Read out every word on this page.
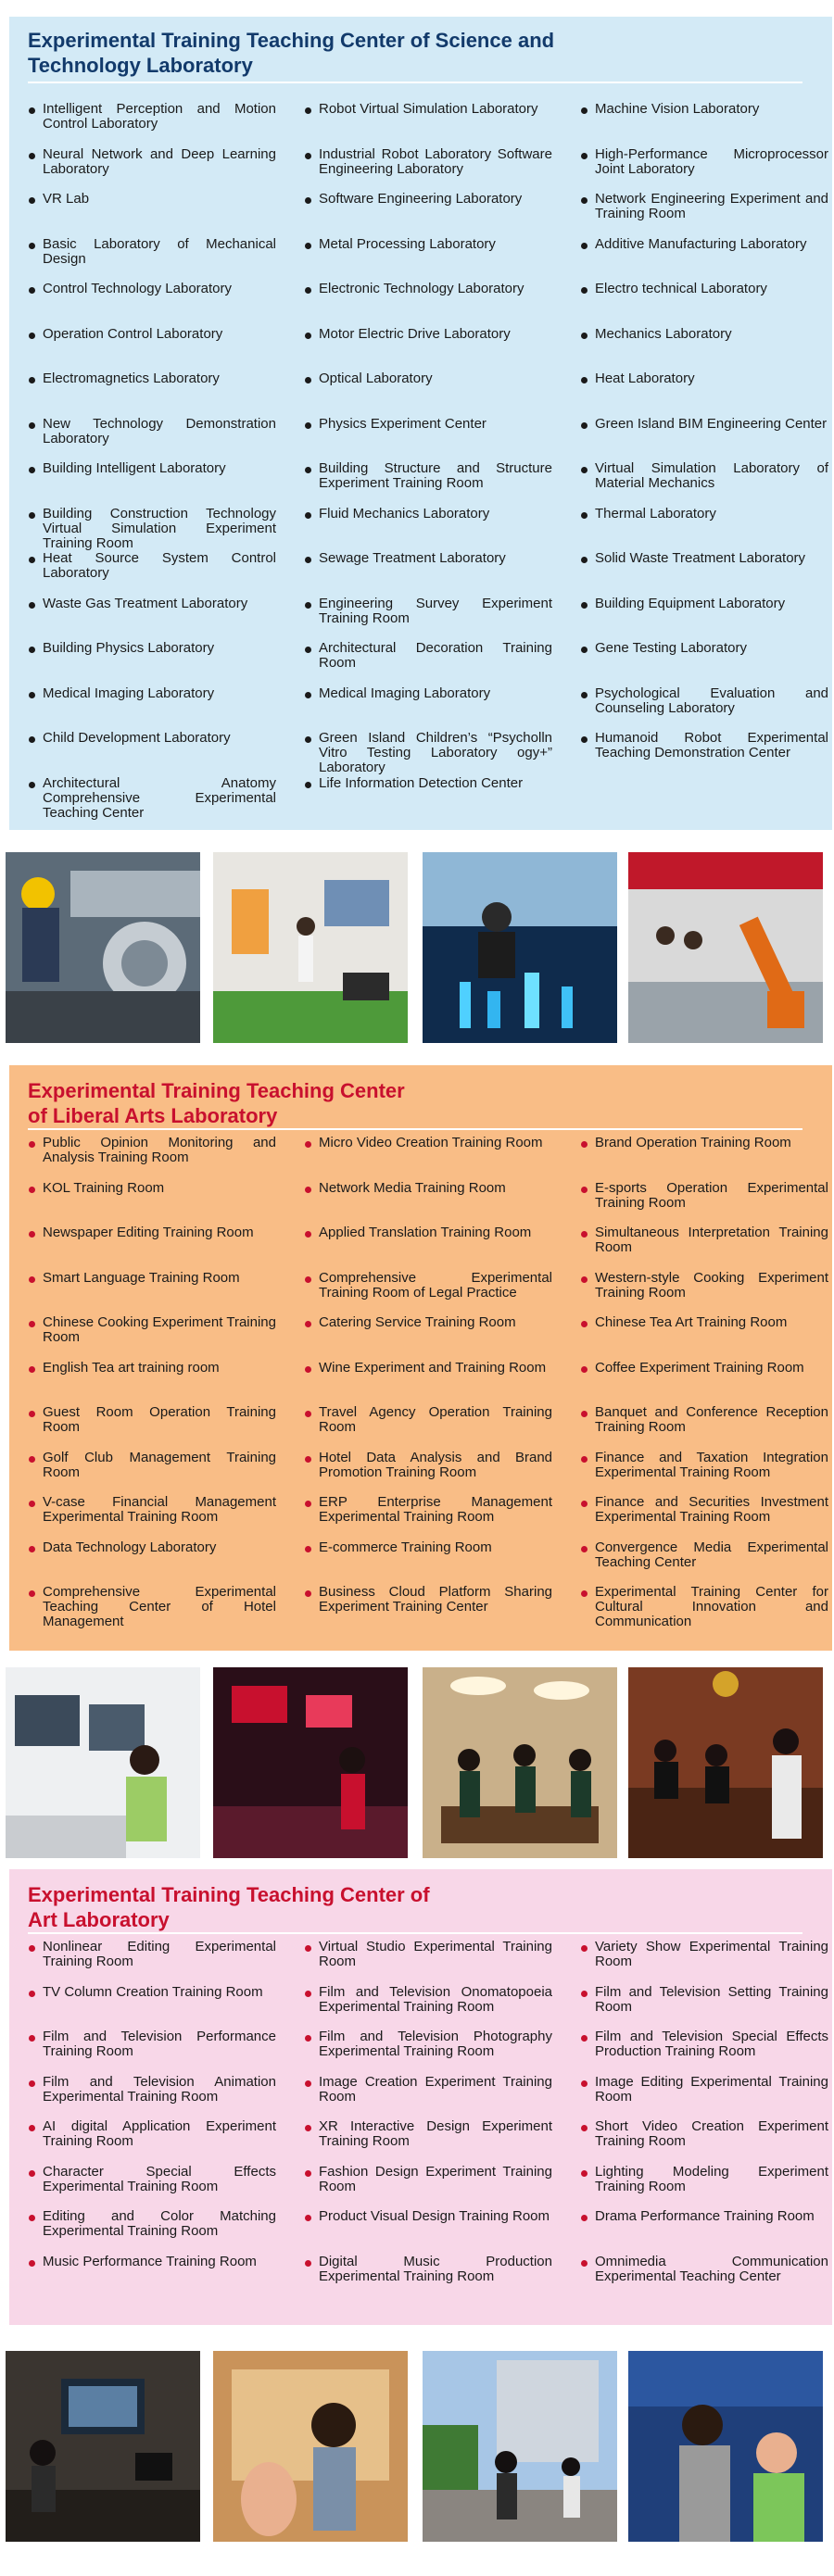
Experimental Training Teaching Center of Science and
Technology Laboratory
Intelligent Perception and Motion Control Laboratory
Neural Network and Deep Learning Laboratory
VR Lab
Basic Laboratory of Mechanical Design
Control Technology Laboratory
Operation Control Laboratory
Electromagnetics Laboratory
New Technology Demonstration Laboratory
Building Intelligent Laboratory
Building Construction Technology Virtual Simulation Experiment Training Room
Heat Source System Control Laboratory
Waste Gas Treatment Laboratory
Building Physics Laboratory
Medical Imaging Laboratory
Child Development Laboratory
Architectural Anatomy Comprehensive Experimental Teaching Center
Robot Virtual Simulation Laboratory
Industrial Robot Laboratory Software Engineering Laboratory
Software Engineering Laboratory
Metal Processing Laboratory
Electronic Technology Laboratory
Motor Electric Drive Laboratory
Optical Laboratory
Physics Experiment Center
Building Structure and Structure Experiment Training Room
Fluid Mechanics Laboratory
Sewage Treatment Laboratory
Engineering Survey Experiment Training Room
Architectural Decoration Training Room
Medical Imaging Laboratory
Green Island Children’s “Psycholln Vitro Testing Laboratory ogy+” Laboratory
Life Information Detection Center
Machine Vision Laboratory
High-Performance Microprocessor Joint Laboratory
Network Engineering Experiment and Training Room
Additive Manufacturing Laboratory
Electro technical Laboratory
Mechanics Laboratory
Heat Laboratory
Green Island BIM Engineering Center
Virtual Simulation Laboratory of Material Mechanics
Thermal Laboratory
Solid Waste Treatment Laboratory
Building Equipment Laboratory
Gene Testing Laboratory
Psychological Evaluation and Counseling Laboratory
Humanoid Robot Experimental Teaching Demonstration Center
Experimental Training Teaching Center
of Liberal Arts Laboratory
Public Opinion Monitoring and Analysis Training Room
KOL Training Room
Newspaper Editing Training Room
Smart Language Training Room
Chinese Cooking Experiment Training Room
English Tea art training room
Guest Room Operation Training Room
Golf Club Management Training Room
V-case Financial Management Experimental Training Room
Data Technology Laboratory
Comprehensive Experimental Teaching Center of Hotel Management
Micro Video Creation Training Room
Network Media Training Room
Applied Translation Training Room
Comprehensive Experimental Training Room of Legal Practice
Catering Service Training Room
Wine Experiment and Training Room
Travel Agency Operation Training Room
Hotel Data Analysis and Brand Promotion Training Room
ERP Enterprise Management Experimental Training Room
E-commerce Training Room
Business Cloud Platform Sharing Experiment Training Center
Brand Operation Training Room
E-sports Operation Experimental Training Room
Simultaneous Interpretation Training Room
Western-style Cooking Experiment Training Room
Chinese Tea Art Training Room
Coffee Experiment Training Room
Banquet and Conference Reception Training Room
Finance and Taxation Integration Experimental Training Room
Finance and Securities Investment Experimental Training Room
Convergence Media Experimental Teaching Center
Experimental Training Center for Cultural Innovation and Communication
Experimental Training Teaching Center of
Art Laboratory
Nonlinear Editing Experimental Training Room
TV Column Creation Training Room
Film and Television Performance Training Room
Film and Television Animation Experimental Training Room
AI digital Application Experiment Training Room
Character Special Effects Experimental Training Room
Editing and Color Matching Experimental Training Room
Music Performance Training Room
Virtual Studio Experimental Training Room
Film and Television Onomatopoeia Experimental Training Room
Film and Television Photography Experimental Training Room
Image Creation Experiment Training Room
XR Interactive Design Experiment Training Room
Fashion Design Experiment Training Room
Product Visual Design Training Room
Digital Music Production Experimental Training Room
Variety Show Experimental Training Room
Film and Television Setting Training Room
Film and Television Special Effects Production Training Room
Image Editing Experimental Training Room
Short Video Creation Experiment Training Room
Lighting Modeling Experiment Training Room
Drama Performance Training Room
Omnimedia Communication Experimental Teaching Center
